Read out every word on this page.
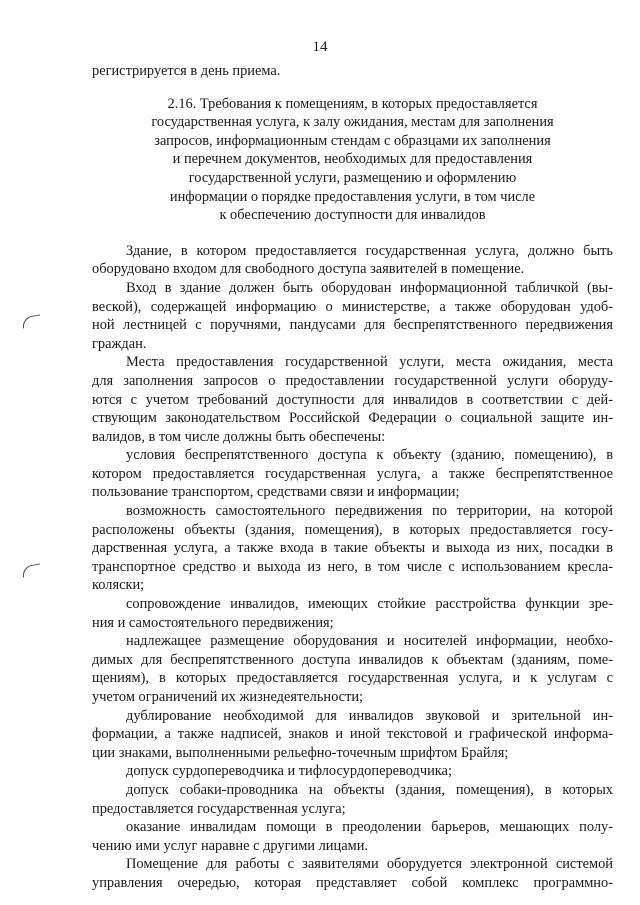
14
регистрируется в день приема.
2.16. Требования к помещениям, в которых предоставляется
государственная услуга, к залу ожидания, местам для заполнения
запросов, информационным стендам с образцами их заполнения
и перечнем документов, необходимых для предоставления
государственной услуги, размещению и оформлению
информации о порядке предоставления услуги, в том числе
к обеспечению доступности для инвалидов
Здание, в котором предоставляется государственная услуга, должно быть
оборудовано входом для свободного доступа заявителей в помещение.
Вход в здание должен быть оборудован информационной табличкой (вы-
веской), содержащей информацию о министерстве, а также оборудован удоб-
ной лестницей с поручнями, пандусами для беспрепятственного передвижения
граждан.
Места предоставления государственной услуги, места ожидания, места
для заполнения запросов о предоставлении государственной услуги оборуду-
ются с учетом требований доступности для инвалидов в соответствии с дей-
ствующим законодательством Российской Федерации о социальной защите ин-
валидов, в том числе должны быть обеспечены:
условия беспрепятственного доступа к объекту (зданию, помещению), в
котором предоставляется государственная услуга, а также беспрепятственное
пользование транспортом, средствами связи и информации;
возможность самостоятельного передвижения по территории, на которой
расположены объекты (здания, помещения), в которых предоставляется госу-
дарственная услуга, а также входа в такие объекты и выхода из них, посадки в
транспортное средство и выхода из него, в том числе с использованием кресла-
коляски;
сопровождение инвалидов, имеющих стойкие расстройства функции зре-
ния и самостоятельного передвижения;
надлежащее размещение оборудования и носителей информации, необхо-
димых для беспрепятственного доступа инвалидов к объектам (зданиям, поме-
щениям), в которых предоставляется государственная услуга, и к услугам с
учетом ограничений их жизнедеятельности;
дублирование необходимой для инвалидов звуковой и зрительной ин-
формации, а также надписей, знаков и иной текстовой и графической информа-
ции знаками, выполненными рельефно-точечным шрифтом Брайля;
допуск сурдопереводчика и тифлосурдопереводчика;
допуск собаки-проводника на объекты (здания, помещения), в которых
предоставляется государственная услуга;
оказание инвалидам помощи в преодолении барьеров, мешающих полу-
чению ими услуг наравне с другими лицами.
Помещение для работы с заявителями оборудуется электронной системой
управления очередью, которая представляет собой комплекс программно-
